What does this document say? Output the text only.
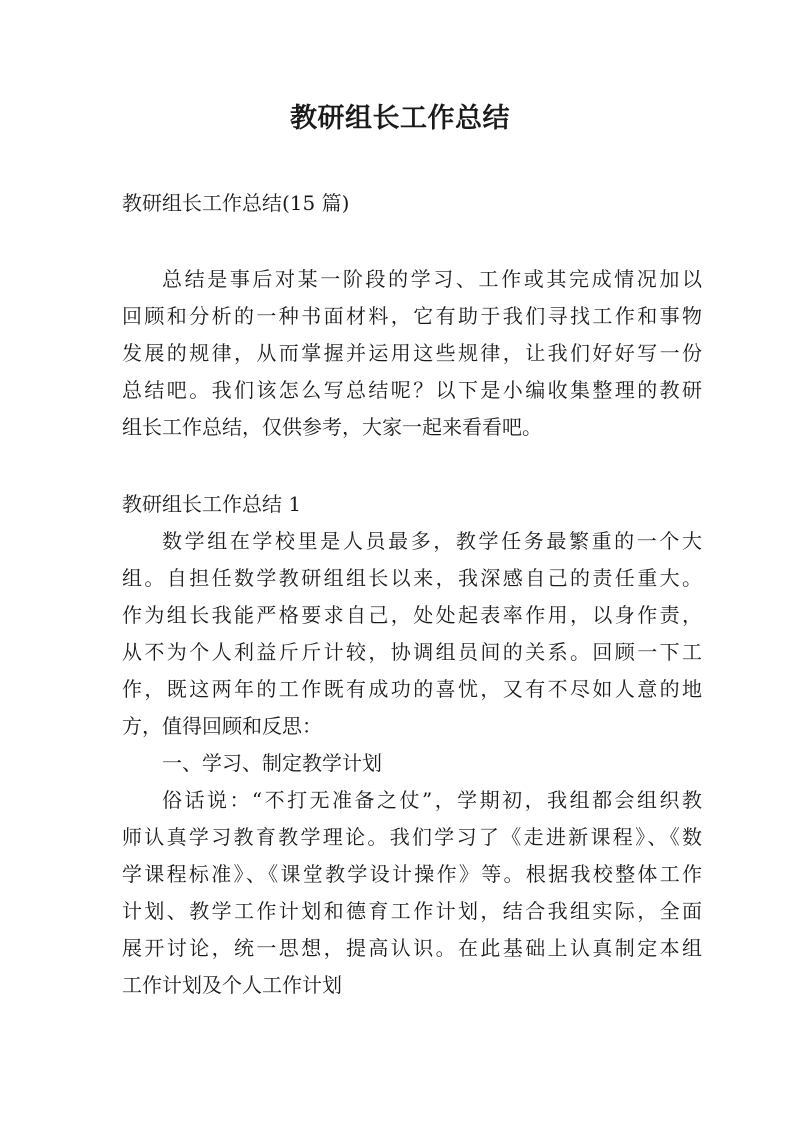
教研组长工作总结
教研组长工作总结(15 篇)
总结是事后对某一阶段的学习、工作或其完成情况加以
回顾和分析的一种书面材料，它有助于我们寻找工作和事物
发展的规律，从而掌握并运用这些规律，让我们好好写一份
总结吧。我们该怎么写总结呢？以下是小编收集整理的教研
组长工作总结，仅供参考，大家一起来看看吧。
教研组长工作总结 1
数学组在学校里是人员最多，教学任务最繁重的一个大
组。自担任数学教研组组长以来，我深感自己的责任重大。
作为组长我能严格要求自己，处处起表率作用，以身作责，
从不为个人利益斤斤计较，协调组员间的关系。回顾一下工
作，既这两年的工作既有成功的喜忧，又有不尽如人意的地
方，值得回顾和反思：
一、学习、制定教学计划
俗话说：“不打无准备之仗”，学期初，我组都会组织教
师认真学习教育教学理论。我们学习了《走进新课程》、《数
学课程标准》、《课堂教学设计操作》等。根据我校整体工作
计划、教学工作计划和德育工作计划，结合我组实际，全面
展开讨论，统一思想，提高认识。在此基础上认真制定本组
工作计划及个人工作计划
